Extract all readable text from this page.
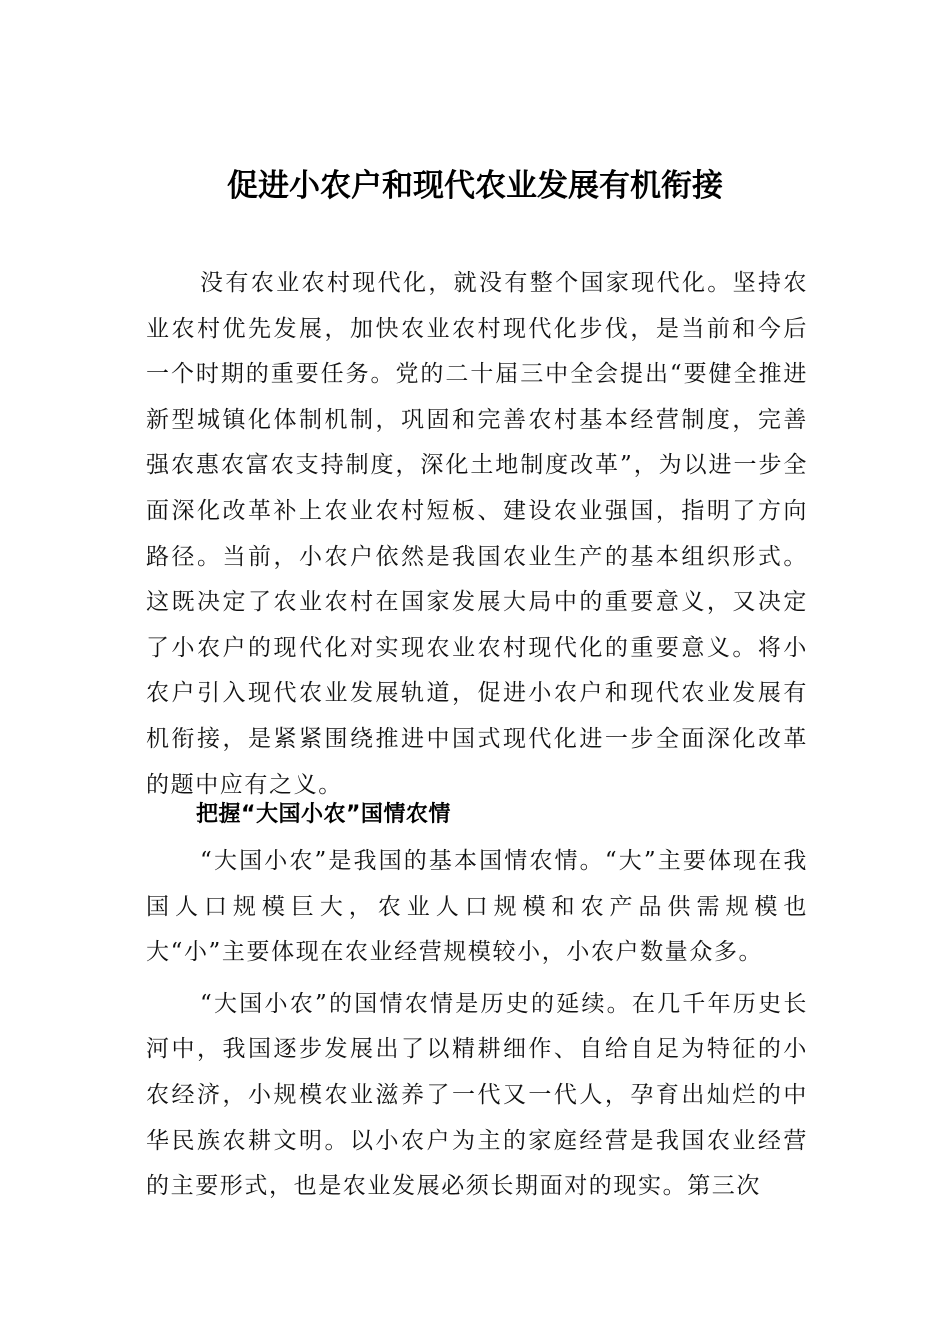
促进小农户和现代农业发展有机衔接

没有农业农村现代化，就没有整个国家现代化。坚持农业农村优先发展，加快农业农村现代化步伐，是当前和今后一个时期的重要任务。党的二十届三中全会提出“要健全推进新型城镇化体制机制，巩固和完善农村基本经营制度，完善强农惠农富农支持制度，深化土地制度改革”，为以进一步全面深化改革补上农业农村短板、建设农业强国，指明了方向路径。当前，小农户依然是我国农业生产的基本组织形式。这既决定了农业农村在国家发展大局中的重要意义，又决定了小农户的现代化对实现农业农村现代化的重要意义。将小农户引入现代农业发展轨道，促进小农户和现代农业发展有机衔接，是紧紧围绕推进中国式现代化进一步全面深化改革的题中应有之义。

把握“大国小农”国情农情

“大国小农”是我国的基本国情农情。“大”主要体现在我国人口规模巨大，农业人口规模和农产品供需规模也大“小”主要体现在农业经营规模较小，小农户数量众多。

“大国小农”的国情农情是历史的延续。在几千年历史长河中，我国逐步发展出了以精耕细作、自给自足为特征的小农经济，小规模农业滋养了一代又一代人，孕育出灿烂的中华民族农耕文明。以小农户为主的家庭经营是我国农业经营的主要形式，也是农业发展必须长期面对的现实。第三次
